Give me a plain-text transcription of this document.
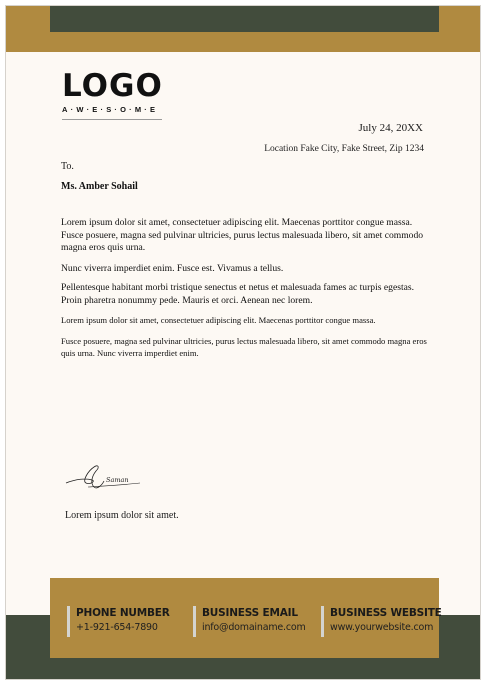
LOGO
A·W·E·S·O·M·E
July 24, 20XX
Location Fake City, Fake Street, Zip 1234
To.
Ms. Amber Sohail

Lorem ipsum dolor sit amet, consectetuer adipiscing elit. Maecenas porttitor congue massa. Fusce posuere, magna sed pulvinar ultricies, purus lectus malesuada libero, sit amet commodo magna eros quis urna.

Nunc viverra imperdiet enim. Fusce est. Vivamus a tellus.

Pellentesque habitant morbi tristique senectus et netus et malesuada fames ac turpis egestas. Proin pharetra nonummy pede. Mauris et orci. Aenean nec lorem.

Lorem ipsum dolor sit amet, consectetuer adipiscing elit. Maecenas porttitor congue massa.

Fusce posuere, magna sed pulvinar ultricies, purus lectus malesuada libero, sit amet commodo magna eros quis urna. Nunc viverra imperdiet enim.

Saman
Lorem ipsum dolor sit amet.
PHONE NUMBER
+1-921-654-7890
BUSINESS EMAIL
info@domainame.com
BUSINESS WEBSITE
www.yourwebsite.com
